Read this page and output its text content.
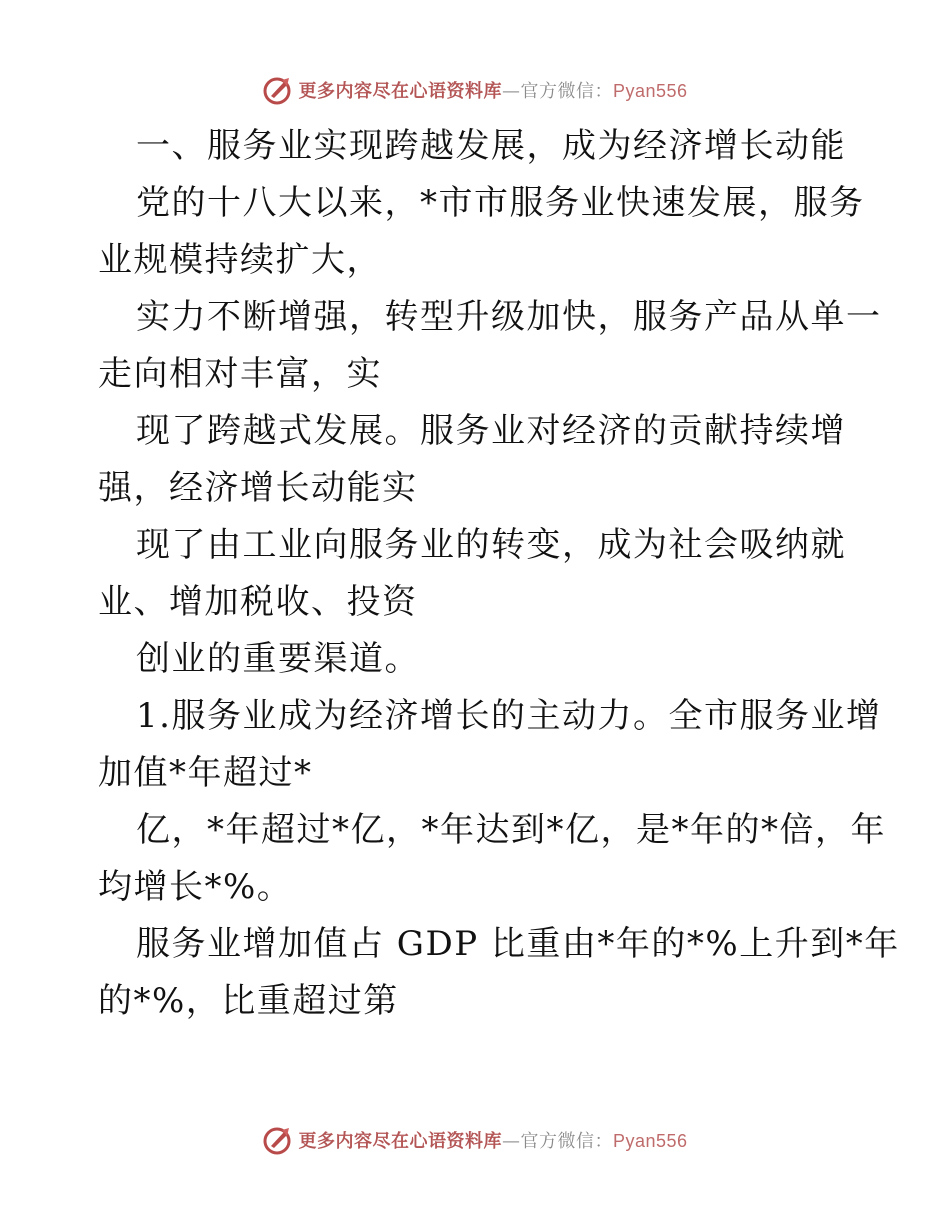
更多内容尽在心语资料库—官方微信：Pyan556
一、服务业实现跨越发展，成为经济增长动能
党的十八大以来，*市市服务业快速发展，服务
业规模持续扩大，
实力不断增强，转型升级加快，服务产品从单一
走向相对丰富，实
现了跨越式发展。服务业对经济的贡献持续增
强，经济增长动能实
现了由工业向服务业的转变，成为社会吸纳就
业、增加税收、投资
创业的重要渠道。
1.服务业成为经济增长的主动力。全市服务业增
加值*年超过*
亿，*年超过*亿，*年达到*亿，是*年的*倍，年
均增长*%。
服务业增加值占 GDP 比重由*年的*%上升到*年
的*%，比重超过第
更多内容尽在心语资料库—官方微信：Pyan556
